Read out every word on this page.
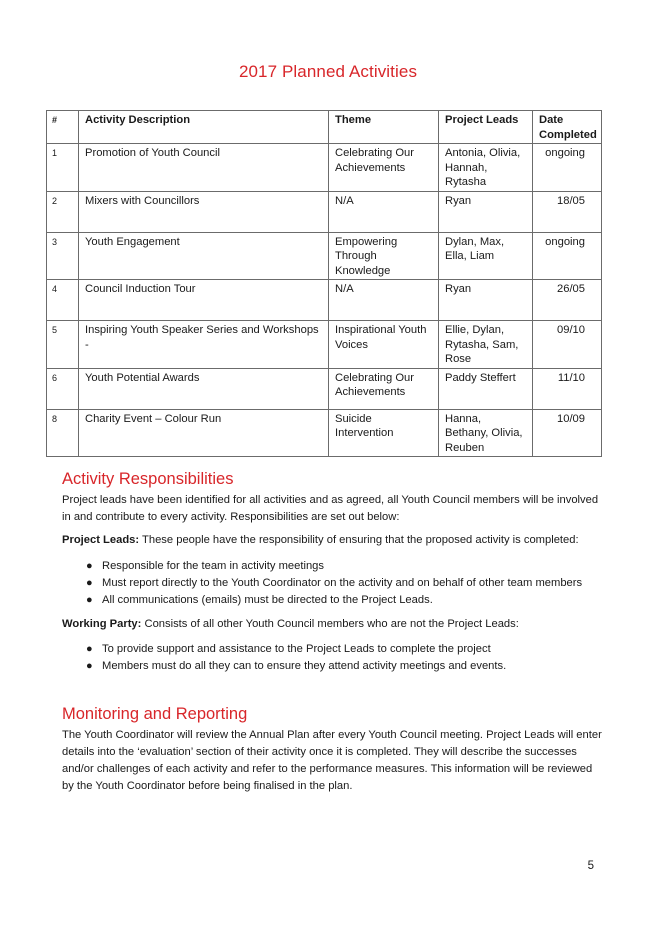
2017 Planned Activities
#	Activity Description	Theme	Project Leads	Date Completed
1	Promotion of Youth Council	Celebrating Our Achievements	Antonia, Olivia, Hannah, Rytasha	ongoing
2	Mixers with Councillors	N/A	Ryan	18/05
3	Youth Engagement	Empowering Through Knowledge	Dylan, Max, Ella, Liam	ongoing
4	Council Induction Tour	N/A	Ryan	26/05
5	Inspiring Youth Speaker Series and Workshops -	Inspirational Youth Voices	Ellie, Dylan, Rytasha, Sam, Rose	09/10
6	Youth Potential Awards	Celebrating Our Achievements	Paddy Steffert	11/10
8	Charity Event – Colour Run	Suicide Intervention	Hanna, Bethany, Olivia, Reuben	10/09
Activity Responsibilities

Project leads have been identified for all activities and as agreed, all Youth Council members will be involved in and contribute to every activity. Responsibilities are set out below:

Project Leads: These people have the responsibility of ensuring that the proposed activity is completed:

● Responsible for the team in activity meetings
● Must report directly to the Youth Coordinator on the activity and on behalf of other team members
● All communications (emails) must be directed to the Project Leads.

Working Party: Consists of all other Youth Council members who are not the Project Leads:

● To provide support and assistance to the Project Leads to complete the project
● Members must do all they can to ensure they attend activity meetings and events.
Monitoring and Reporting

The Youth Coordinator will review the Annual Plan after every Youth Council meeting. Project Leads will enter details into the ‘evaluation’ section of their activity once it is completed. They will describe the successes and/or challenges of each activity and refer to the performance measures. This information will be reviewed by the Youth Coordinator before being finalised in the plan.

5
